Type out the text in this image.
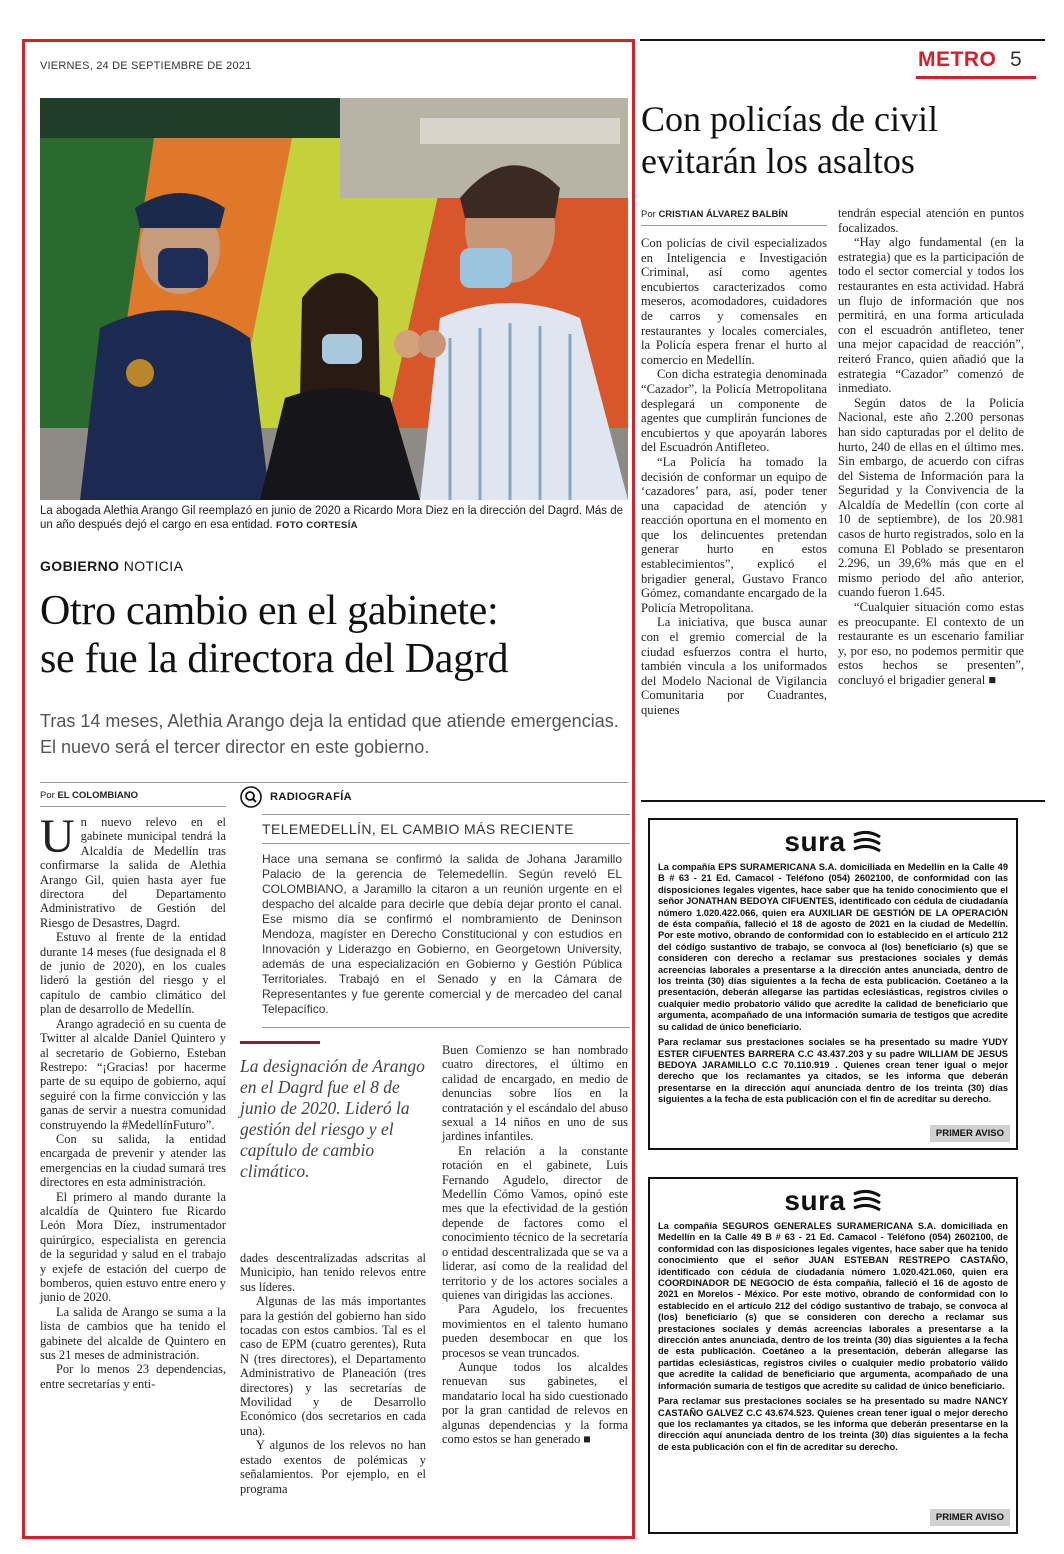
METRO 5
VIERNES, 24 DE SEPTIEMBRE DE 2021
La abogada Alethia Arango Gil reemplazó en junio de 2020 a Ricardo Mora Diez en la dirección del Dagrd. Más de un año después dejó el cargo en esa entidad. FOTO CORTESÍA
GOBIERNO NOTICIA
Otro cambio en el gabinete:
se fue la directora del Dagrd
Tras 14 meses, Alethia Arango deja la entidad que atiende emergencias. El nuevo será el tercer director en este gobierno.
Por EL COLOMBIANO

Un nuevo relevo en el gabinete municipal tendrá la Alcaldía de Medellín tras confirmarse la salida de Alethia Arango Gil, quien hasta ayer fue directora del Departamento Administrativo de Gestión del Riesgo de Desastres, Dagrd.

Estuvo al frente de la entidad durante 14 meses (fue designada el 8 de junio de 2020), en los cuales lideró la gestión del riesgo y el capítulo de cambio climático del plan de desarrollo de Medellín.

Arango agradeció en su cuenta de Twitter al alcalde Daniel Quintero y al secretario de Gobierno, Esteban Restrepo: “¡Gracias! por hacerme parte de su equipo de gobierno, aquí seguiré con la firme convicción y las ganas de servir a nuestra comunidad construyendo la #MedellínFuturo”.

Con su salida, la entidad encargada de prevenir y atender las emergencias en la ciudad sumará tres directores en esta administración.

El primero al mando durante la alcaldía de Quintero fue Ricardo León Mora Díez, instrumentador quirúrgico, especialista en gerencia de la seguridad y salud en el trabajo y exjefe de estación del cuerpo de bomberos, quien estuvo entre enero y junio de 2020.

La salida de Arango se suma a la lista de cambios que ha tenido el gabinete del alcalde de Quintero en sus 21 meses de administración.

Por lo menos 23 dependencias, entre secretarías y enti-

RADIOGRAFÍA
TELEMEDELLÍN, EL CAMBIO MÁS RECIENTE
Hace una semana se confirmó la salida de Johana Jaramillo Palacio de la gerencia de Telemedellín. Según reveló EL COLOMBIANO, a Jaramillo la citaron a un reunión urgente en el despacho del alcalde para decirle que debía dejar pronto el canal. Ese mismo día se confirmó el nombramiento de Deninson Mendoza, magíster en Derecho Constitucional y con estudios en Innovación y Liderazgo en Gobierno, en Georgetown University, además de una especialización en Gobierno y Gestión Pública Territoriales. Trabajó en el Senado y en la Cámara de Representantes y fue gerente comercial y de mercadeo del canal Telepacífico.
La designación de Arango en el Dagrd fue el 8 de junio de 2020. Lideró la gestión del riesgo y el capítulo de cambio climático.

dades descentralizadas adscritas al Municipio, han tenido relevos entre sus líderes.

Algunas de las más importantes para la gestión del gobierno han sido tocadas con estos cambios. Tal es el caso de EPM (cuatro gerentes), Ruta N (tres directores), el Departamento Administrativo de Planeación (tres directores) y las secretarías de Movilidad y de Desarrollo Económico (dos secretarios en cada una).

Y algunos de los relevos no han estado exentos de polémicas y señalamientos. Por ejemplo, en el programa

Buen Comienzo se han nombrado cuatro directores, el último en calidad de encargado, en medio de denuncias sobre líos en la contratación y el escándalo del abuso sexual a 14 niños en uno de sus jardines infantiles.

En relación a la constante rotación en el gabinete, Luis Fernando Agudelo, director de Medellín Cómo Vamos, opinó este mes que la efectividad de la gestión depende de factores como el conocimiento técnico de la secretaría o entidad descentralizada que se va a liderar, así como de la realidad del territorio y de los actores sociales a quienes van dirigidas las acciones.

Para Agudelo, los frecuentes movimientos en el talento humano pueden desembocar en que los procesos se vean truncados.

Aunque todos los alcaldes renuevan sus gabinetes, el mandatario local ha sido cuestionado por la gran cantidad de relevos en algunas dependencias y la forma como estos se han generado ■

Con policías de civil
evitarán los asaltos
Por CRISTIAN ÁLVAREZ BALBÍN

Con policías de civil especializados en Inteligencia e Investigación Criminal, así como agentes encubiertos caracterizados como meseros, acomodadores, cuidadores de carros y comensales en restaurantes y locales comerciales, la Policía espera frenar el hurto al comercio en Medellín.

Con dicha estrategia denominada “Cazador”, la Policía Metropolitana desplegará un componente de agentes que cumplirán funciones de encubiertos y que apoyarán labores del Escuadrón Antifleteo.

“La Policía ha tomado la decisión de conformar un equipo de ‘cazadores’ para, así, poder tener una capacidad de atención y reacción oportuna en el momento en que los delincuentes pretendan generar hurto en estos establecimientos”, explicó el brigadier general, Gustavo Franco Gómez, comandante encargado de la Policía Metropolitana.

La iniciativa, que busca aunar con el gremio comercial de la ciudad esfuerzos contra el hurto, también vincula a los uniformados del Modelo Nacional de Vigilancia Comunitaria por Cuadrantes, quienes

tendrán especial atención en puntos focalizados.

“Hay algo fundamental (en la estrategia) que es la participación de todo el sector comercial y todos los restaurantes en esta actividad. Habrá un flujo de información que nos permitirá, en una forma articulada con el escuadrón antifleteo, tener una mejor capacidad de reacción”, reiteró Franco, quien añadió que la estrategia “Cazador” comenzó de inmediato.

Según datos de la Policía Nacional, este año 2.200 personas han sido capturadas por el delito de hurto, 240 de ellas en el último mes. Sin embargo, de acuerdo con cifras del Sistema de Información para la Seguridad y la Convivencia de la Alcaldía de Medellín (con corte al 10 de septiembre), de los 20.981 casos de hurto registrados, solo en la comuna El Poblado se presentaron 2.296, un 39,6% más que en el mismo periodo del año anterior, cuando fueron 1.645.

“Cualquier situación como estas es preocupante. El contexto de un restaurante es un escenario familiar y, por eso, no podemos permitir que estos hechos se presenten”, concluyó el brigadier general ■

sura
La compañía EPS SURAMERICANA S.A. domiciliada en Medellín en la Calle 49 B # 63 - 21 Ed. Camacol - Teléfono (054) 2602100, de conformidad con las disposiciones legales vigentes, hace saber que ha tenido conocimiento que el señor JONATHAN BEDOYA CIFUENTES, identificado con cédula de ciudadanía número 1.020.422.066, quien era AUXILIAR DE GESTIÓN DE LA OPERACIÓN de ésta compañía, falleció el 18 de agosto de 2021 en la ciudad de Medellín. Por este motivo, obrando de conformidad con lo establecido en el artículo 212 del código sustantivo de trabajo, se convoca al (los) beneficiario (s) que se consideren con derecho a reclamar sus prestaciones sociales y demás acreencias laborales a presentarse a la dirección antes anunciada, dentro de los treinta (30) días siguientes a la fecha de esta publicación. Coetáneo a la presentación, deberán allegarse las partidas eclesiásticas, registros civiles o cualquier medio probatorio válido que acredite la calidad de beneficiario que argumenta, acompañado de una información sumaria de testigos que acredite su calidad de único beneficiario.
Para reclamar sus prestaciones sociales se ha presentado su madre YUDY ESTER CIFUENTES BARRERA C.C 43.437.203 y su padre WILLIAM DE JESUS BEDOYA JARAMILLO C.C 70.110.919 . Quienes crean tener igual o mejor derecho que los reclamantes ya citados, se les informa que deberán presentarse en la dirección aquí anunciada dentro de los treinta (30) días siguientes a la fecha de esta publicación con el fin de acreditar su derecho.
PRIMER AVISO
sura
La compañía SEGUROS GENERALES SURAMERICANA S.A. domiciliada en Medellín en la Calle 49 B # 63 - 21 Ed. Camacol - Teléfono (054) 2602100, de conformidad con las disposiciones legales vigentes, hace saber que ha tenido conocimiento que el señor JUAN ESTEBAN RESTREPO CASTAÑO, identificado con cédula de ciudadanía número 1.020.421.060, quien era COORDINADOR DE NEGOCIO de ésta compañía, falleció el 16 de agosto de 2021 en Morelos - México. Por este motivo, obrando de conformidad con lo establecido en el artículo 212 del código sustantivo de trabajo, se convoca al (los) beneficiario (s) que se consideren con derecho a reclamar sus prestaciones sociales y demás acreencias laborales a presentarse a la dirección antes anunciada, dentro de los treinta (30) días siguientes a la fecha de esta publicación. Coetáneo a la presentación, deberán allegarse las partidas eclesiásticas, registros civiles o cualquier medio probatorio válido que acredite la calidad de beneficiario que argumenta, acompañado de una información sumaria de testigos que acredite su calidad de único beneficiario.
Para reclamar sus prestaciones sociales se ha presentado su madre NANCY CASTAÑO GALVEZ C.C 43.674.523. Quienes crean tener igual o mejor derecho que los reclamantes ya citados, se les informa que deberán presentarse en la dirección aquí anunciada dentro de los treinta (30) días siguientes a la fecha de esta publicación con el fin de acreditar su derecho.
PRIMER AVISO
